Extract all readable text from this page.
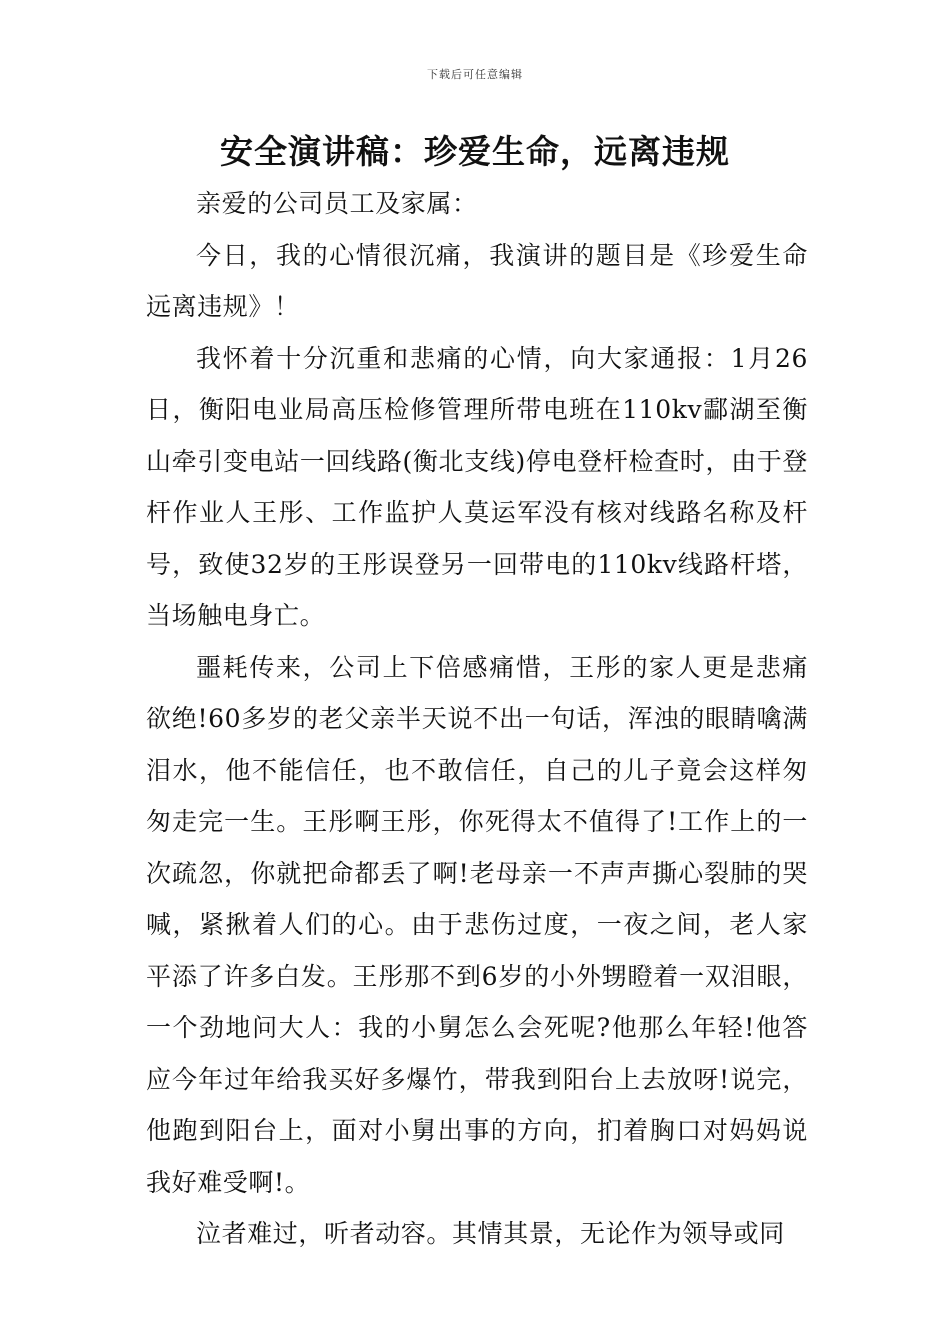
下载后可任意编辑
安全演讲稿：珍爱生命，远离违规

亲爱的公司员工及家属：

今日，我的心情很沉痛，我演讲的题目是《珍爱生命远离违规》！

我怀着十分沉重和悲痛的心情，向大家通报：1月26日，衡阳电业局高压检修管理所带电班在110kv酃湖至衡山牵引变电站一回线路(衡北支线)停电登杆检查时，由于登杆作业人王彤、工作监护人莫运军没有核对线路名称及杆号，致使32岁的王彤误登另一回带电的110kv线路杆塔，当场触电身亡。

噩耗传来，公司上下倍感痛惜，王彤的家人更是悲痛欲绝!60多岁的老父亲半天说不出一句话，浑浊的眼睛噙满泪水，他不能信任，也不敢信任，自己的儿子竟会这样匆匆走完一生。王彤啊王彤，你死得太不值得了!工作上的一次疏忽，你就把命都丢了啊!老母亲一不声声撕心裂肺的哭喊，紧揪着人们的心。由于悲伤过度，一夜之间，老人家平添了许多白发。王彤那不到6岁的小外甥瞪着一双泪眼，一个劲地问大人：我的小舅怎么会死呢?他那么年轻!他答应今年过年给我买好多爆竹，带我到阳台上去放呀!说完，他跑到阳台上，面对小舅出事的方向，扪着胸口对妈妈说我好难受啊!。

泣者难过，听者动容。其情其景，无论作为领导或同
